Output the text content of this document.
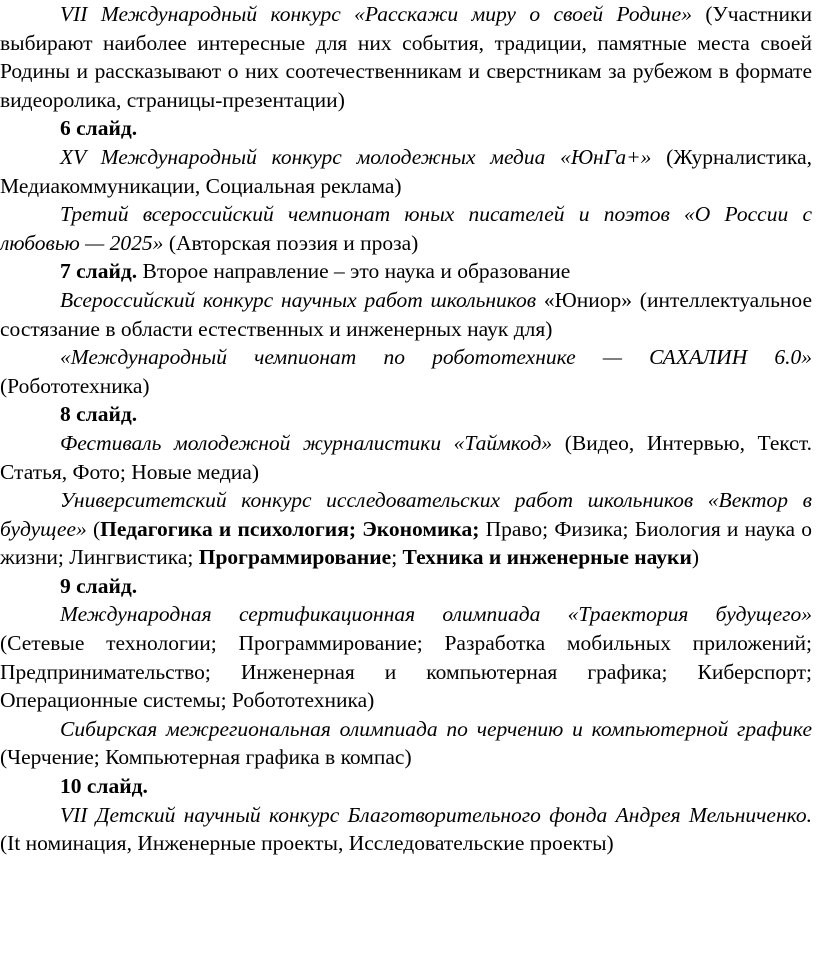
VII Международный конкурс «Расскажи миру о своей Родине» (Участники выбирают наиболее интересные для них события, традиции, памятные места своей Родины и рассказывают о них соотечественникам и сверстникам за рубежом в формате видеоролика, страницы-презентации)

6 слайд.

XV Международный конкурс молодежных медиа «ЮнГа+» (Журналистика, Медиакоммуникации, Социальная реклама)

Третий всероссийский чемпионат юных писателей и поэтов «О России с любовью — 2025» (Авторская поэзия и проза)

7 слайд. Второе направление – это наука и образование

Всероссийский конкурс научных работ школьников «Юниор» (интеллектуальное состязание в области естественных и инженерных наук для)

«Международный чемпионат по робототехнике — САХАЛИН 6.0» (Робототехника)

8 слайд.

Фестиваль молодежной журналистики «Таймкод» (Видео, Интервью, Текст. Статья, Фото; Новые медиа)

Университетский конкурс исследовательских работ школьников «Вектор в будущее» (Педагогика и психология; Экономика; Право; Физика; Биология и наука о жизни; Лингвистика; Программирование; Техника и инженерные науки)

9 слайд.

Международная сертификационная олимпиада «Траектория будущего» (Сетевые технологии; Программирование; Разработка мобильных приложений; Предпринимательство; Инженерная и компьютерная графика; Киберспорт; Операционные системы; Робототехника)

Сибирская межрегиональная олимпиада по черчению и компьютерной графике (Черчение; Компьютерная графика в компас)

10 слайд.

VII Детский научный конкурс Благотворительного фонда Андрея Мельниченко. (It номинация, Инженерные проекты, Исследовательские проекты)
